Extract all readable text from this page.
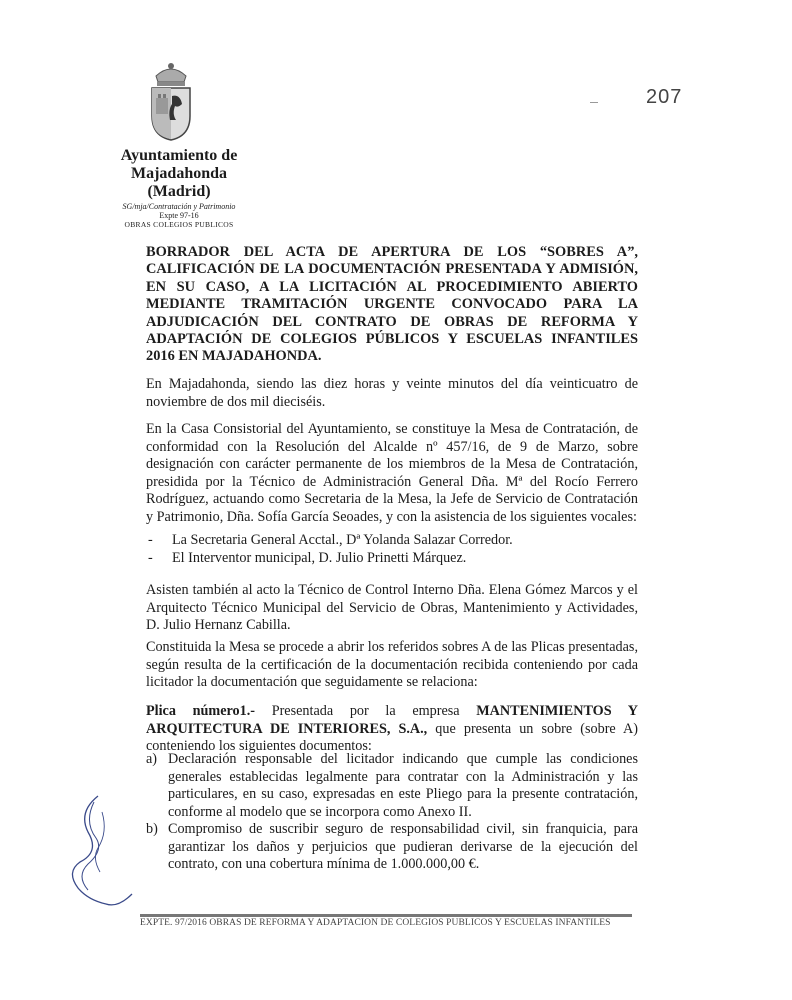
Ayuntamiento de
Majadahonda
(Madrid)
SG/mja/Contratación y Patrimonio
Expte 97-16
OBRAS COLEGIOS PUBLICOS
207
BORRADOR DEL ACTA DE APERTURA DE LOS “SOBRES A”, CALIFICACIÓN DE LA DOCUMENTACIÓN PRESENTADA Y ADMISIÓN, EN SU CASO, A LA LICITACIÓN AL PROCEDIMIENTO ABIERTO MEDIANTE TRAMITACIÓN URGENTE CONVOCADO PARA LA ADJUDICACIÓN DEL CONTRATO DE OBRAS DE REFORMA Y ADAPTACIÓN DE COLEGIOS PÚBLICOS Y ESCUELAS INFANTILES 2016 EN MAJADAHONDA.
En Majadahonda, siendo las diez horas y veinte minutos del día veinticuatro de noviembre de dos mil dieciséis.
En la Casa Consistorial del Ayuntamiento, se constituye la Mesa de Contratación, de conformidad con la Resolución del Alcalde nº 457/16, de 9 de Marzo, sobre designación con carácter permanente de los miembros de la Mesa de Contratación, presidida por la Técnico de Administración General Dña. Mª del Rocío Ferrero Rodríguez, actuando como Secretaria de la Mesa, la Jefe de Servicio de Contratación y Patrimonio, Dña. Sofía García Seoades, y con la asistencia de los siguientes vocales:
- La Secretaria General Acctal., Dª Yolanda Salazar Corredor.
- El Interventor municipal, D. Julio Prinetti Márquez.
Asisten también al acto la Técnico de Control Interno Dña. Elena Gómez Marcos y el Arquitecto Técnico Municipal del Servicio de Obras, Mantenimiento y Actividades, D. Julio Hernanz Cabilla.
Constituida la Mesa se procede a abrir los referidos sobres A de las Plicas presentadas, según resulta de la certificación de la documentación recibida conteniendo por cada licitador la documentación que seguidamente se relaciona:
Plica número1.- Presentada por la empresa MANTENIMIENTOS Y ARQUITECTURA DE INTERIORES, S.A., que presenta un sobre (sobre A) conteniendo los siguientes documentos:
a) Declaración responsable del licitador indicando que cumple las condiciones generales establecidas legalmente para contratar con la Administración y las particulares, en su caso, expresadas en este Pliego para la presente contratación, conforme al modelo que se incorpora como Anexo II.
b) Compromiso de suscribir seguro de responsabilidad civil, sin franquicia, para garantizar los daños y perjuicios que pudieran derivarse de la ejecución del contrato, con una cobertura mínima de 1.000.000,00 €.
EXPTE. 97/2016 OBRAS DE REFORMA Y ADAPTACION DE COLEGIOS PUBLICOS Y ESCUELAS INFANTILES
